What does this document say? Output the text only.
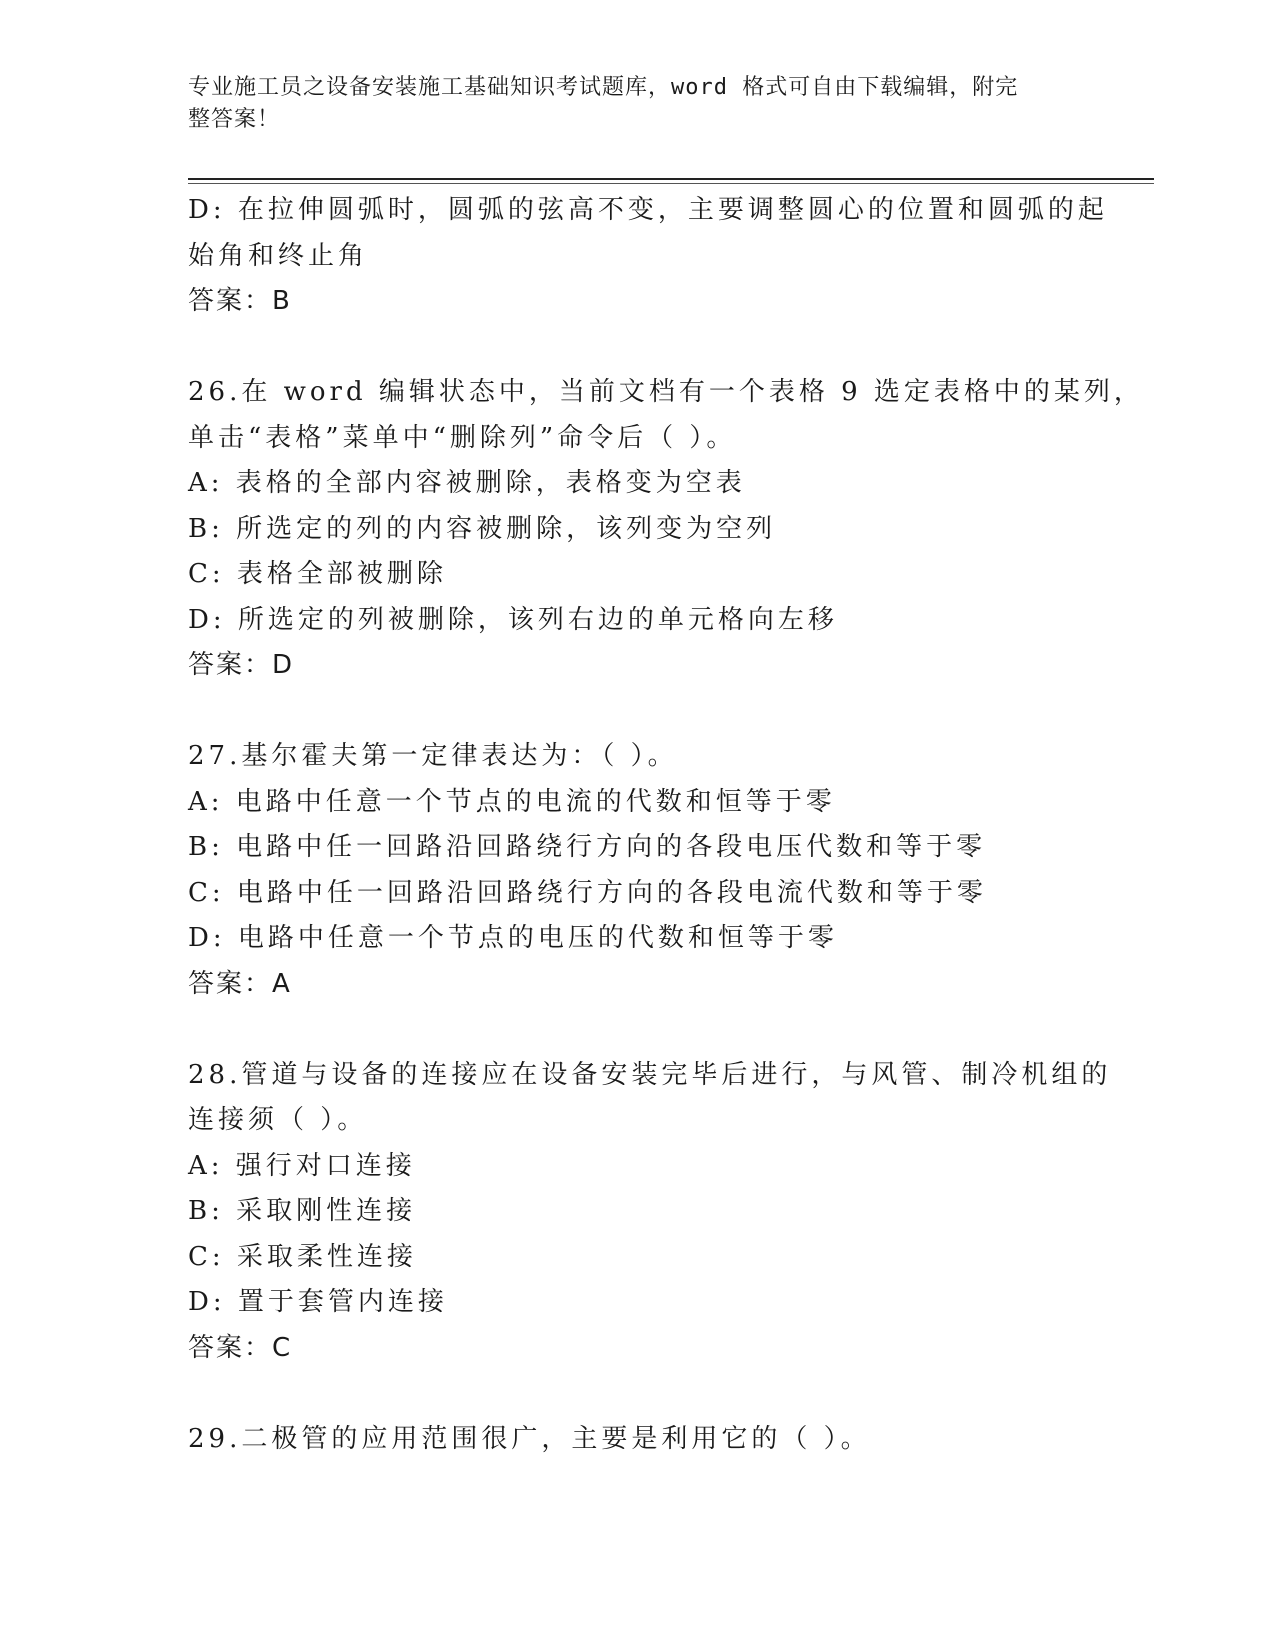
专业施工员之设备安装施工基础知识考试题库，word 格式可自由下载编辑，附完
整答案！
D: 在拉伸圆弧时，圆弧的弦高不变，主要调整圆心的位置和圆弧的起
始角和终止角
答案：B
26.在 word 编辑状态中，当前文档有一个表格 9 选定表格中的某列，
单击“表格”菜单中“删除列”命令后（ ）。
A: 表格的全部内容被删除，表格变为空表
B: 所选定的列的内容被删除，该列变为空列
C: 表格全部被删除
D: 所选定的列被删除，该列右边的单元格向左移
答案：D
27.基尔霍夫第一定律表达为：（ ）。
A: 电路中任意一个节点的电流的代数和恒等于零
B: 电路中任一回路沿回路绕行方向的各段电压代数和等于零
C: 电路中任一回路沿回路绕行方向的各段电流代数和等于零
D: 电路中任意一个节点的电压的代数和恒等于零
答案：A
28.管道与设备的连接应在设备安装完毕后进行，与风管、制冷机组的
连接须（ ）。
A: 强行对口连接
B: 采取刚性连接
C: 采取柔性连接
D: 置于套管内连接
答案：C
29.二极管的应用范围很广，主要是利用它的（ ）。
